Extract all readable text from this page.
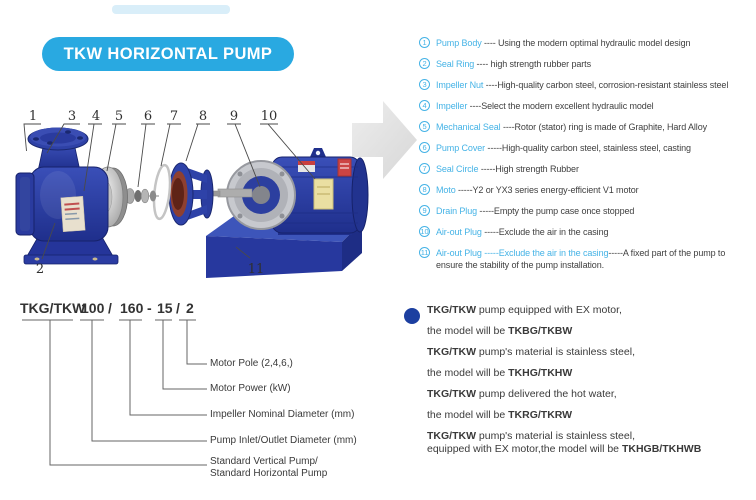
TKW HORIZONTAL PUMP
1 3 4 5 6 7 8 9 10
2	11
1	Pump Body ---- Using the modern optimal hydraulic model design
2	Seal Ring ---- high strength rubber parts
3	Impeller Nut ----High-quality carbon steel, corrosion-resistant stainless steel
4	Impeller ----Select the modern excellent hydraulic model
5	Mechanical Seal ----Rotor (stator) ring is made of Graphite, Hard Alloy
6	Pump Cover -----High-quality carbon steel, stainless steel, casting
7	Seal Circle -----High strength Rubber
8	Moto -----Y2 or YX3 series energy-efficient V1 motor
9	Drain Plug -----Empty the pump case once stopped
10 Air-out Plug -----Exclude the air in the casing
11 Air-out Plug -----Exclude the air in the casing-----A fixed part of the pump to ensure the stability of the pump installation.
TKG/TKW
100 / 160 - 15 / 2
Motor Pole (2,4,6,)
Motor Power (kW)
Impeller Nominal Diameter (mm)
Pump Inlet/Outlet Diameter (mm)
Standard Vertical Pump/
Standard Horizontal Pump
TKG/TKW pump equipped with EX motor,
the model will be TKBG/TKBW
TKG/TKW pump's material is stainless steel,
the model will be TKHG/TKHW
TKG/TKW pump delivered the hot water,
the model will be TKRG/TKRW
TKG/TKW pump's material is stainless steel,
equipped with EX motor,the model will be TKHGB/TKHWB
